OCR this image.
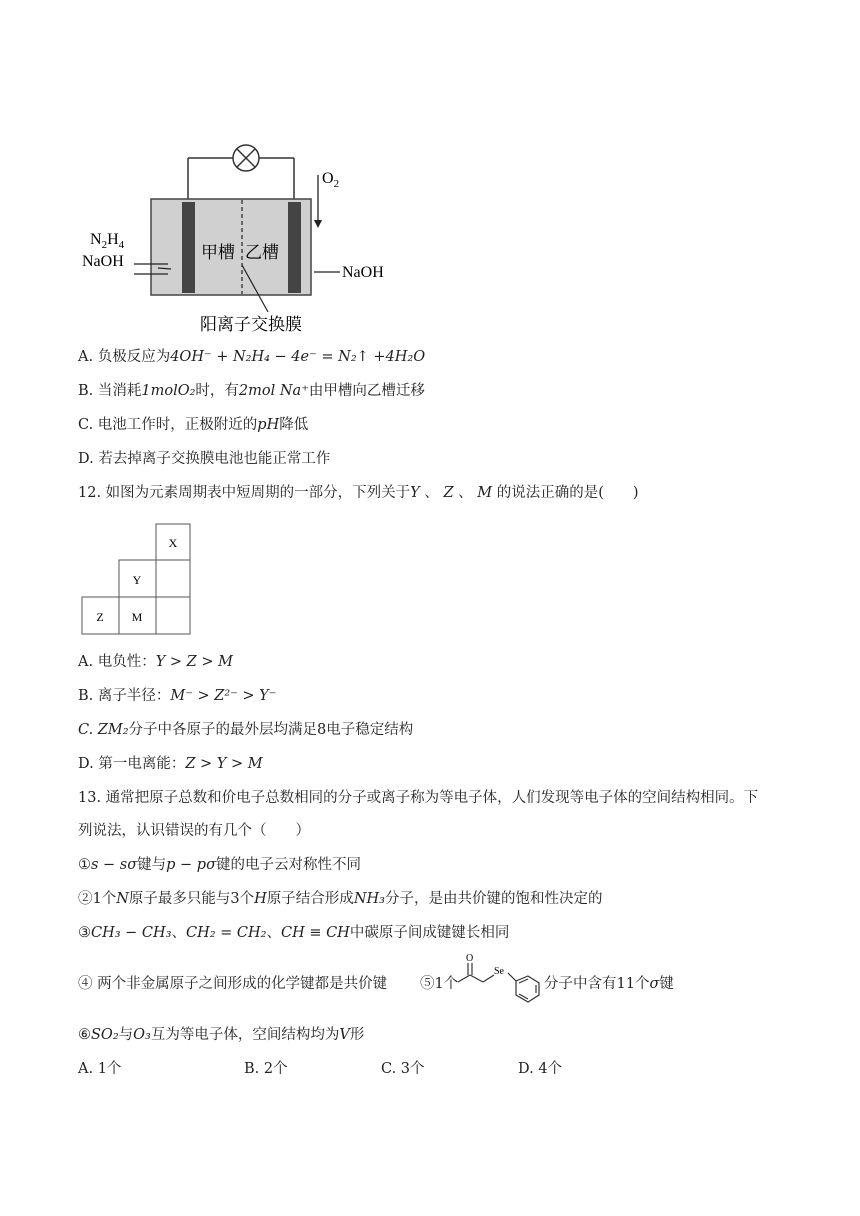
$O_2$
$N_2H_4$
NaOH	甲槽 乙槽
NaOH
阳离子交换膜
A. 负极反应为4OH⁻ + N₂H₄ − 4e⁻ = N₂↑ +4H₂O
B. 当消耗1molO₂时，有2mol Na⁺由甲槽向乙槽迁移
C. 电池工作时，正极附近的pH降低
D. 若去掉离子交换膜电池也能正常工作
12. 如图为元素周期表中短周期的一部分，下列关于Y 、 Z 、 M 的说法正确的是(　　)
X
Y
Z M
A. 电负性：Y > Z > M
B. 离子半径：M⁻ > Z²⁻ > Y⁻
C. ZM₂分子中各原子的最外层均满足8电子稳定结构
D. 第一电离能：Z > Y > M
13. 通常把原子总数和价电子总数相同的分子或离子称为等电子体，人们发现等电子体的空间结构相同。下
列说法，认识错误的有几个（　　）
①s − sσ键与p − pσ键的电子云对称性不同
②1个N原子最多只能与3个H原子结合形成NH₃分子，是由共价键的饱和性决定的
③CH₃ − CH₃、CH₂ = CH₂、CH ≡ CH中碳原子间成键键长相同
④ 两个非金属原子之间形成的化学键都是共价键 ⑤1个
O
Se
分子中含有11个σ键
⑥SO₂与O₃互为等电子体，空间结构均为V形
A. 1个	B. 2个	C. 3个	D. 4个
